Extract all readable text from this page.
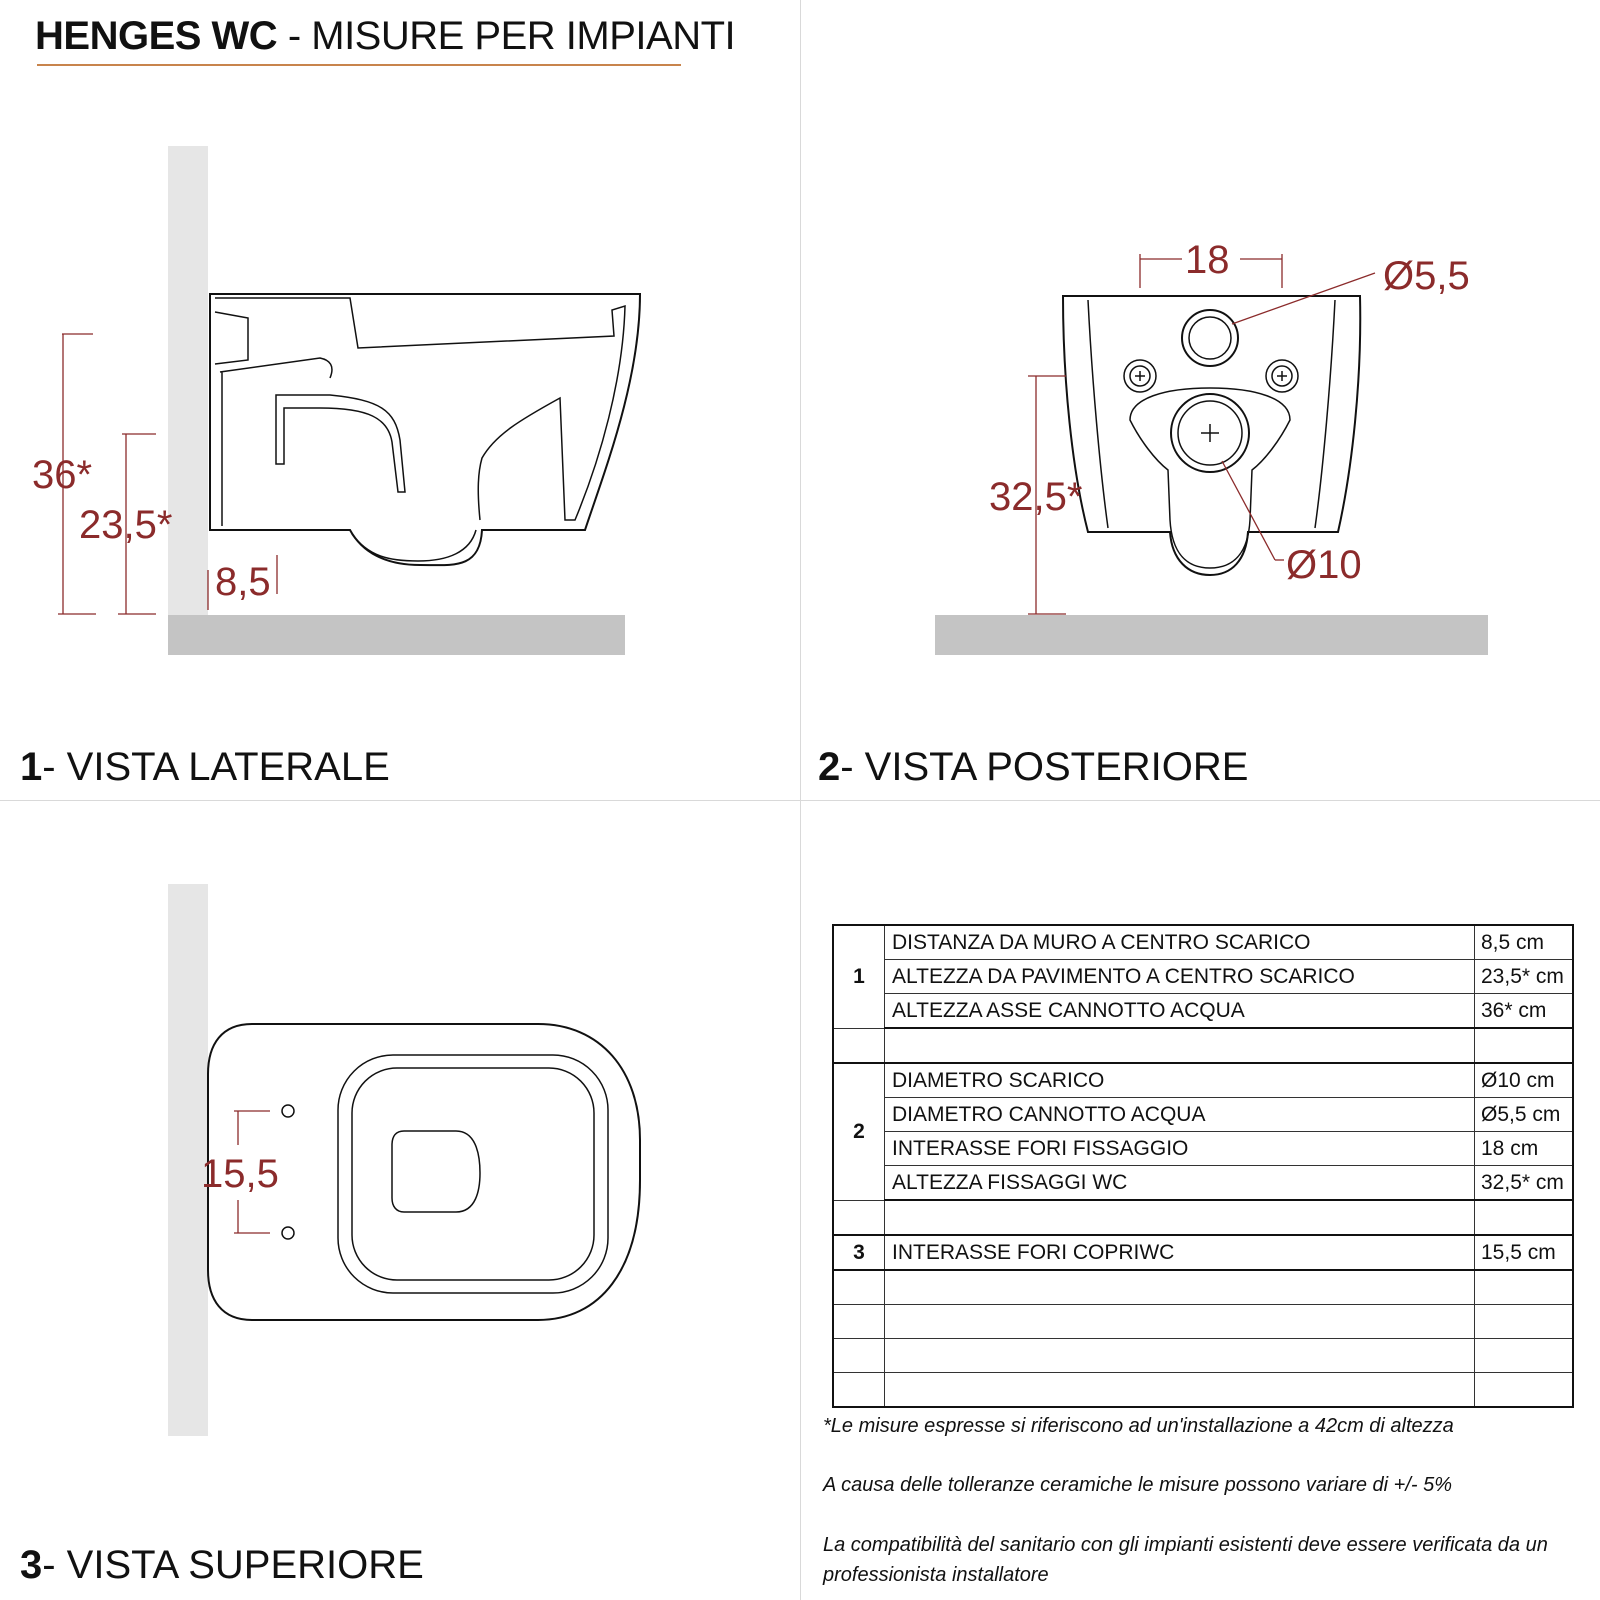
HENGES WC - MISURE PER IMPIANTI
36*
23,5*
8,5
18	Ø5,5
32,5*
Ø10
15,5
1- VISTA LATERALE	2- VISTA POSTERIORE
3- VISTA SUPERIORE
1	DISTANZA DA MURO A CENTRO SCARICO	8,5 cm
	ALTEZZA DA PAVIMENTO A CENTRO SCARICO	23,5* cm
	ALTEZZA ASSE CANNOTTO ACQUA	36* cm

2	DIAMETRO SCARICO	Ø10 cm
	DIAMETRO CANNOTTO ACQUA	Ø5,5 cm
	INTERASSE FORI FISSAGGIO	18 cm
	ALTEZZA FISSAGGI WC	32,5* cm

3	INTERASSE FORI COPRIWC	15,5 cm

*Le misure espresse si riferiscono ad un'installazione a 42cm di altezza
A causa delle tolleranze ceramiche le misure possono variare di +/- 5%
La compatibilità del sanitario con gli impianti esistenti deve essere verificata da un professionista installatore
